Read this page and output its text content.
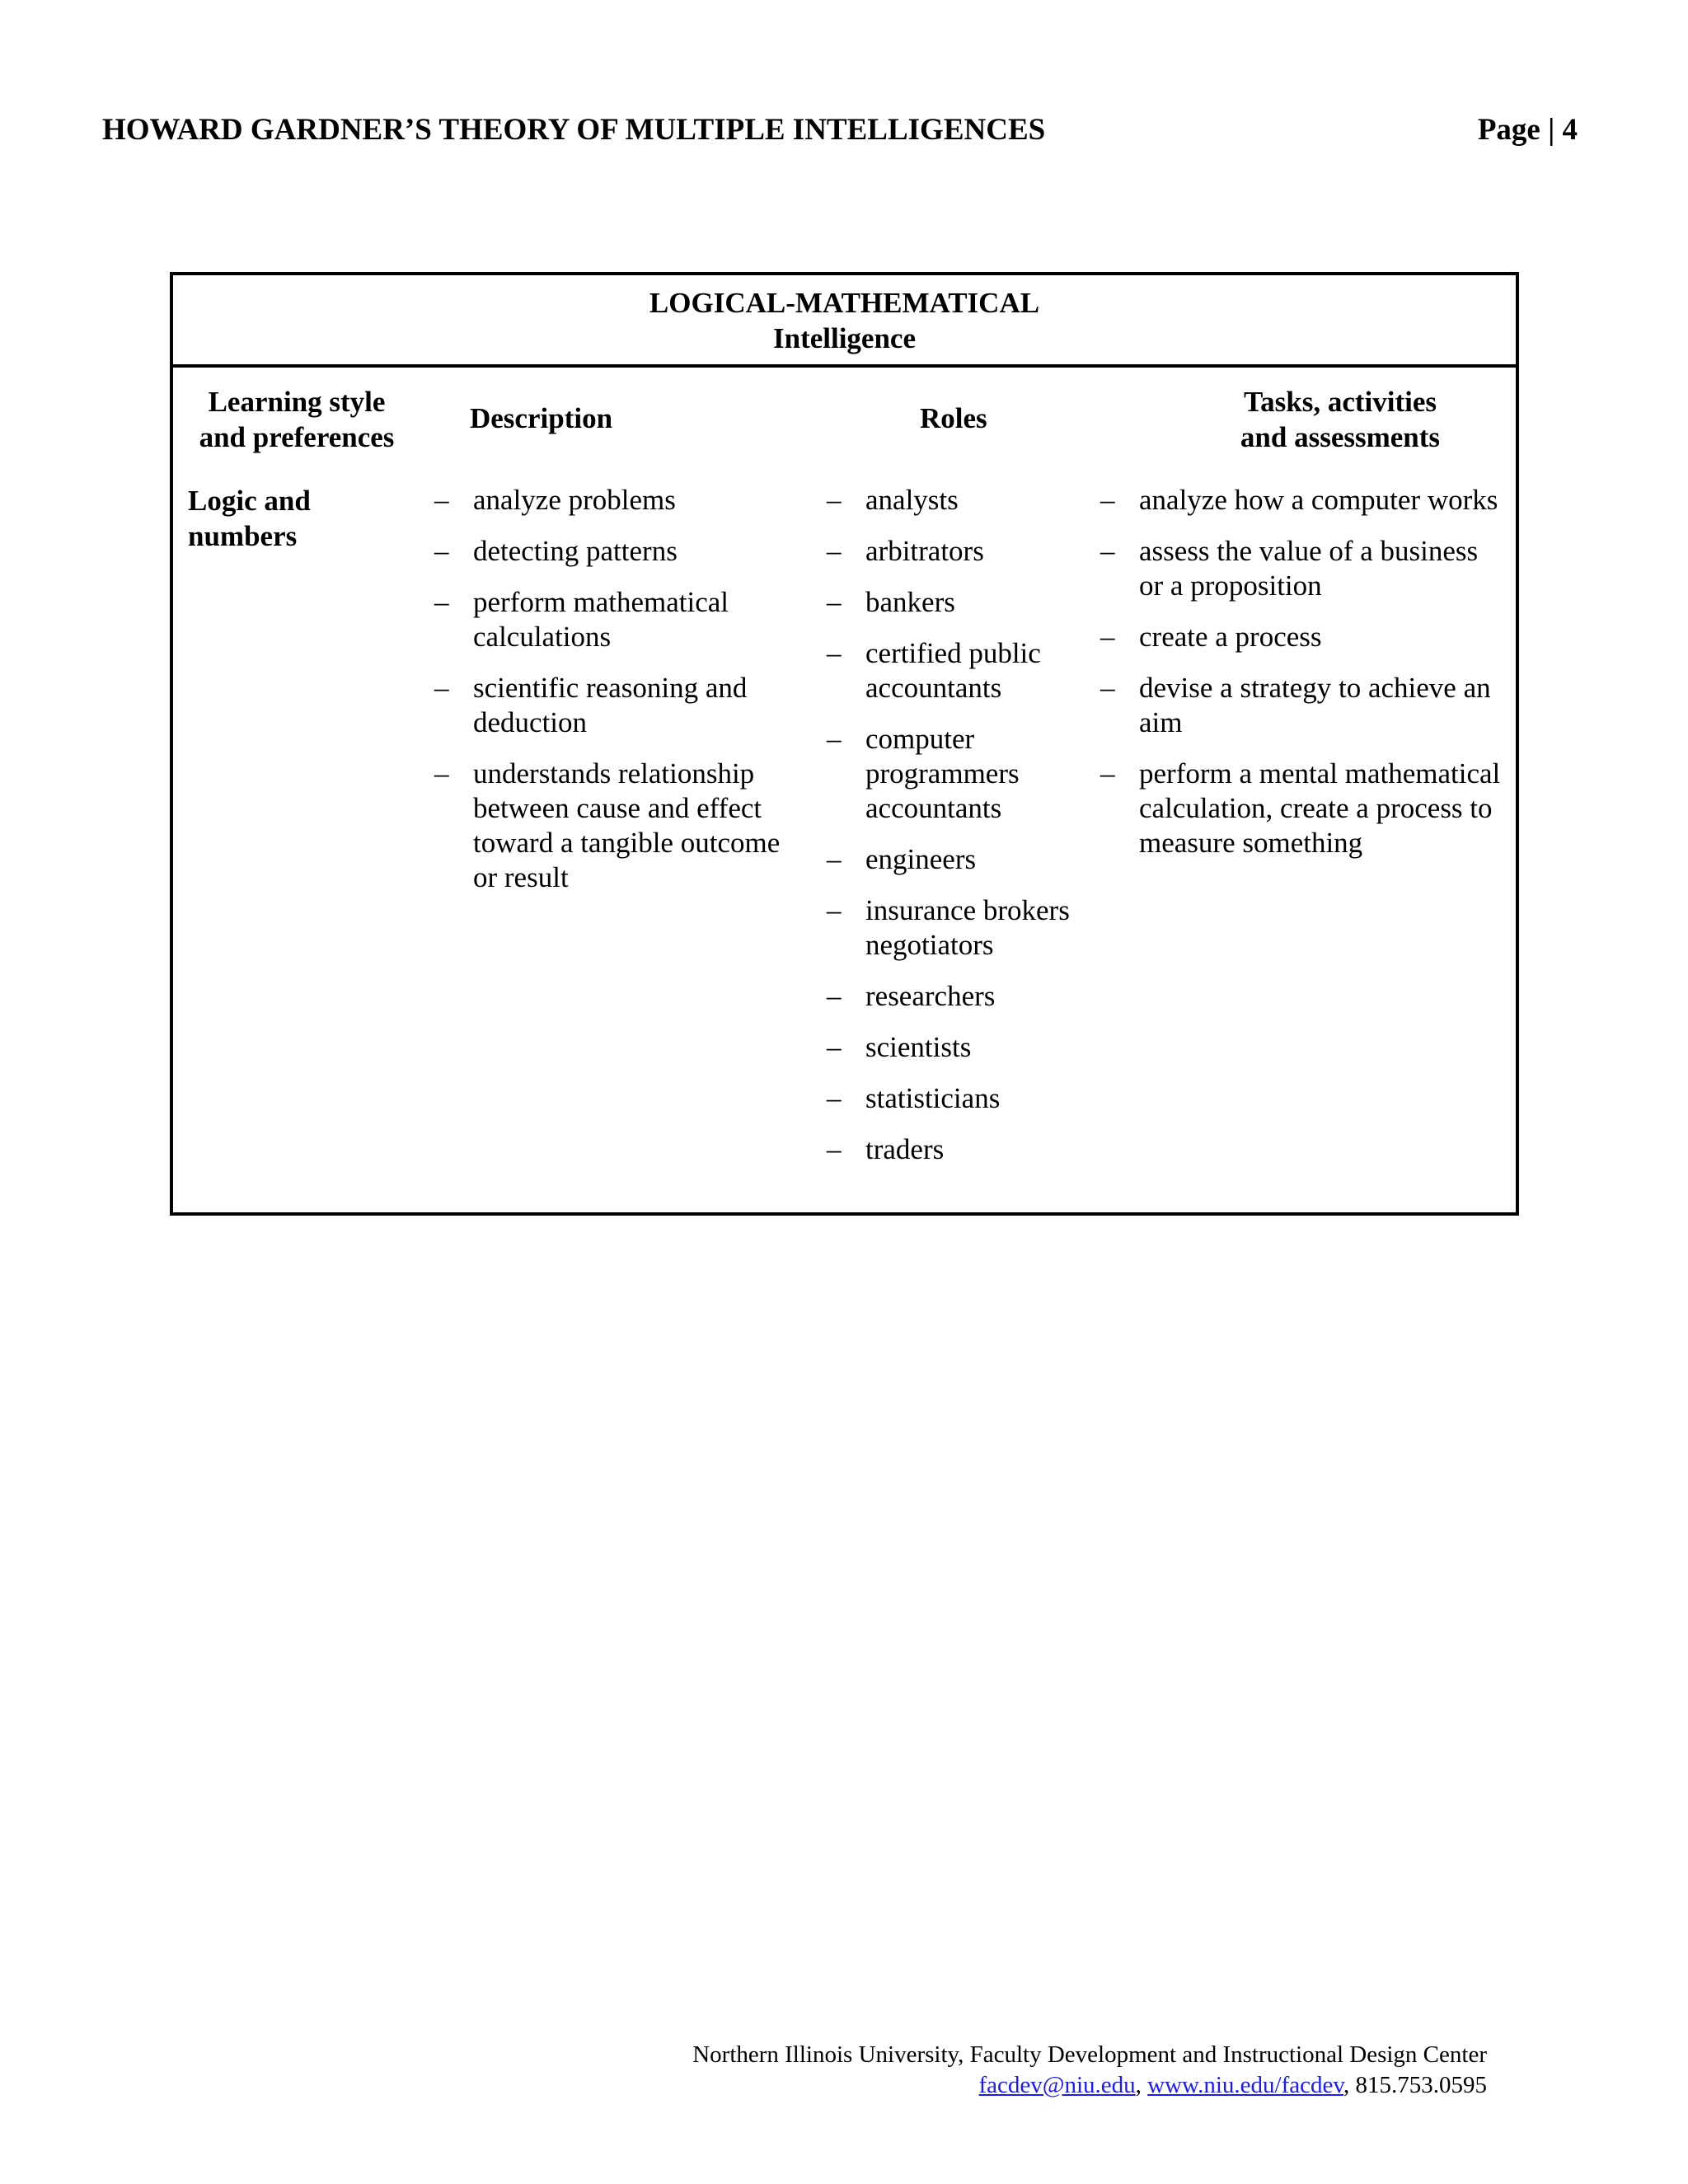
HOWARD GARDNER’S THEORY OF MULTIPLE INTELLIGENCES	Page | 4
LOGICAL-MATHEMATICAL
Intelligence
Learning style
and preferences
Description	Roles
Tasks, activities
and assessments
Logic and numbers
– analyze problems
– detecting patterns
– perform mathematical calculations
– scientific reasoning and deduction
– understands relationship between cause and effect toward a tangible outcome or result
– analysts
– arbitrators
– bankers
– certified public accountants
– computer programmers accountants
– engineers
– insurance brokers negotiators
– researchers
– scientists
– statisticians
– traders
– analyze how a computer works
– assess the value of a business or a proposition
– create a process
– devise a strategy to achieve an aim
– perform a mental mathematical calculation, create a process to measure something
Northern Illinois University, Faculty Development and Instructional Design Center
facdev@niu.edu, www.niu.edu/facdev, 815.753.0595
